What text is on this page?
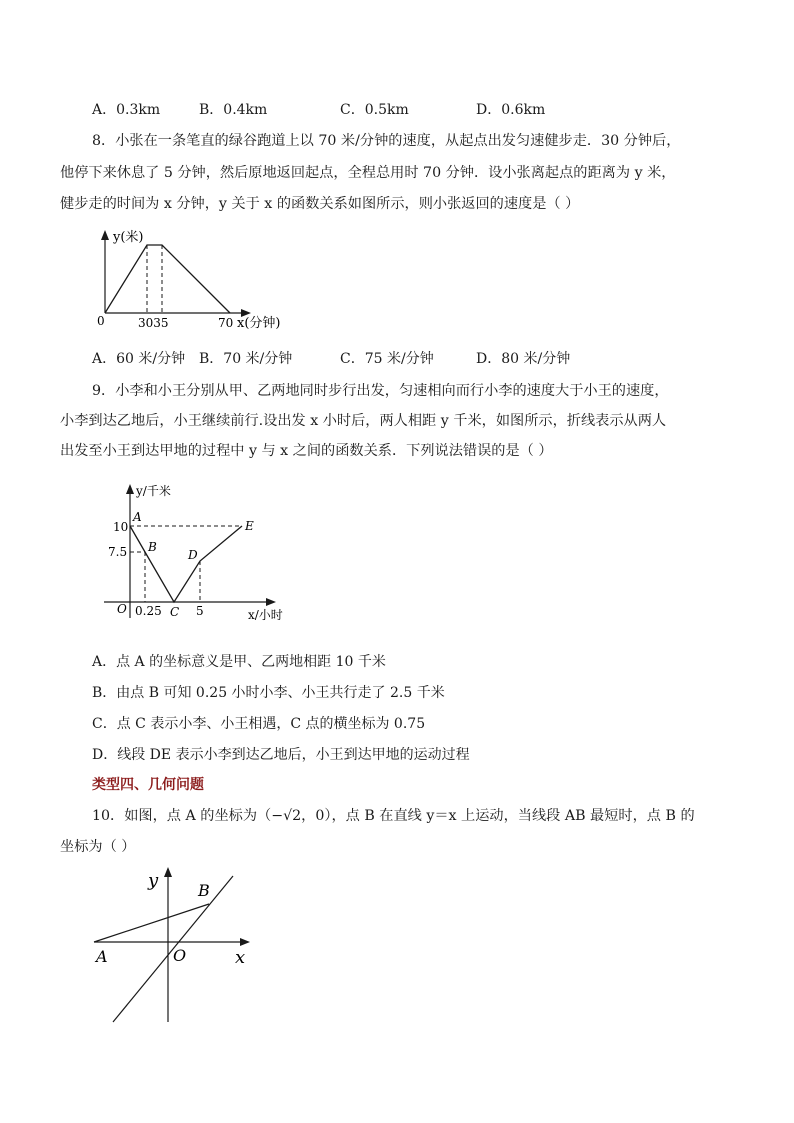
A．0.3km	B．0.4km	C．0.5km	D．0.6km
8．小张在一条笔直的绿谷跑道上以 70 米/分钟的速度，从起点出发匀速健步走．30 分钟后，
他停下来休息了 5 分钟，然后原地返回起点，全程总用时 70 分钟．设小张离起点的距离为 y 米，
健步走的时间为 x 分钟，y 关于 x 的函数关系如图所示，则小张返回的速度是（ ）
y(米)
0	3035	70 x(分钟)
A．60 米/分钟 B．70 米/分钟	C．75 米/分钟	D．80 米/分钟
9．小李和小王分别从甲、乙两地同时步行出发，匀速相向而行小李的速度大于小王的速度，
小李到达乙地后，小王继续前行.设出发 x 小时后，两人相距 y 千米，如图所示，折线表示从两人
出发至小王到达甲地的过程中 y 与 x 之间的函数关系．下列说法错误的是（ ）
y/千米
10
7.5
A
B
C
D
E
O 0.25	5	x/小时
A．点 A 的坐标意义是甲、乙两地相距 10 千米
B．由点 B 可知 0.25 小时小李、小王共行走了 2.5 千米
C．点 C 表示小李、小王相遇，C 点的横坐标为 0.75
D．线段 DE 表示小李到达乙地后，小王到达甲地的运动过程
类型四、几何问题
10．如图，点 A 的坐标为（−√2，0），点 B 在直线 y＝x 上运动，当线段 AB 最短时，点 B 的
坐标为（ ）
y
x
A
B
O
